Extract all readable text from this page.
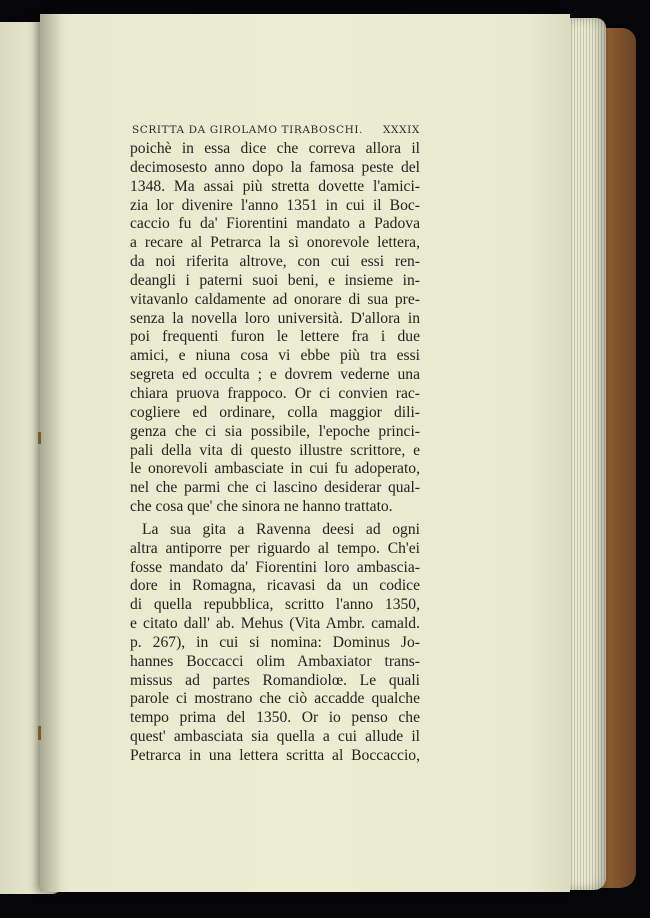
SCRITTA DA GIROLAMO TIRABOSCHI. XXXIX
poichè in essa dice che correva allora il
decimosesto anno dopo la famosa peste del
1348. Ma assai più stretta dovette l'amici-
zia lor divenire l'anno 1351 in cui il Boc-
caccio fu da' Fiorentini mandato a Padova
a recare al Petrarca la sì onorevole lettera,
da noi riferita altrove, con cui essi ren-
deangli i paterni suoi beni, e insieme in-
vitavanlo caldamente ad onorare di sua pre-
senza la novella loro università. D'allora in
poi frequenti furon le lettere fra i due
amici, e niuna cosa vi ebbe più tra essi
segreta ed occulta ; e dovrem vederne una
chiara pruova frappoco. Or ci convien rac-
cogliere ed ordinare, colla maggior dili-
genza che ci sia possibile, l'epoche princi-
pali della vita di questo illustre scrittore, e
le onorevoli ambasciate in cui fu adoperato,
nel che parmi che ci lascino desiderar qual-
che cosa que' che sinora ne hanno trattato.
La sua gita a Ravenna deesi ad ogni
altra antiporre per riguardo al tempo. Ch'ei
fosse mandato da' Fiorentini loro ambascia-
dore in Romagna, ricavasi da un codice
di quella repubblica, scritto l'anno 1350,
e citato dall' ab. Mehus (Vita Ambr. camald.
p. 267), in cui si nomina: Dominus Jo-
hannes Boccacci olim Ambaxiator trans-
missus ad partes Romandiolœ. Le quali
parole ci mostrano che ciò accadde qualche
tempo prima del 1350. Or io penso che
quest' ambasciata sia quella a cui allude il
Petrarca in una lettera scritta al Boccaccio,
